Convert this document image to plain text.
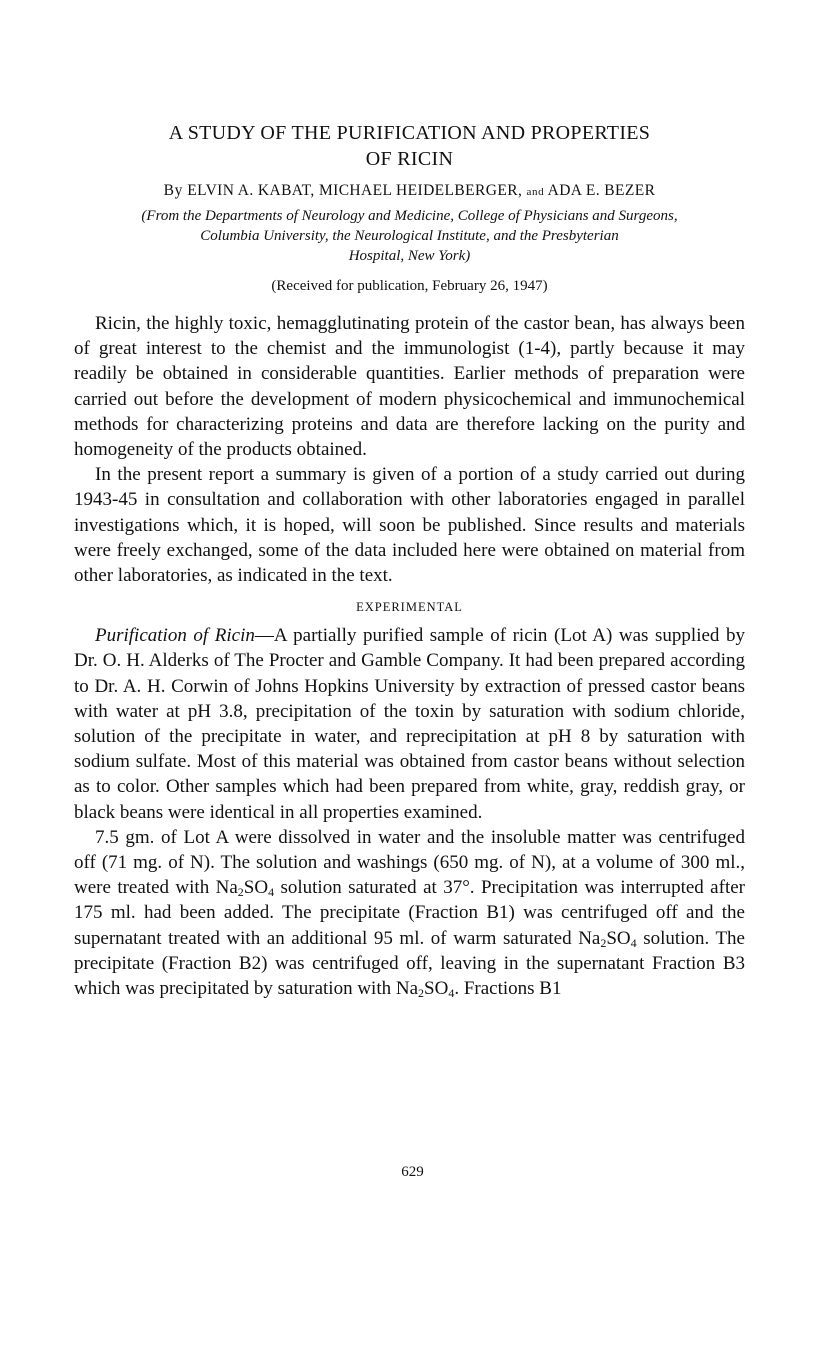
A STUDY OF THE PURIFICATION AND PROPERTIES
OF RICIN
By ELVIN A. KABAT, MICHAEL HEIDELBERGER, and ADA E. BEZER
(From the Departments of Neurology and Medicine, College of Physicians and Surgeons,
Columbia University, the Neurological Institute, and the Presbyterian
Hospital, New York)
(Received for publication, February 26, 1947)

Ricin, the highly toxic, hemagglutinating protein of the castor bean, has always been of great interest to the chemist and the immunologist (1-4), partly because it may readily be obtained in considerable quantities. Earlier methods of preparation were carried out before the development of modern physicochemical and immunochemical methods for characterizing proteins and data are therefore lacking on the purity and homogeneity of the products obtained.

In the present report a summary is given of a portion of a study carried out during 1943-45 in consultation and collaboration with other laboratories engaged in parallel investigations which, it is hoped, will soon be published. Since results and materials were freely exchanged, some of the data included here were obtained on material from other laboratories, as indicated in the text.

EXPERIMENTAL

Purification of Ricin—A partially purified sample of ricin (Lot A) was supplied by Dr. O. H. Alderks of The Procter and Gamble Company. It had been prepared according to Dr. A. H. Corwin of Johns Hopkins University by extraction of pressed castor beans with water at pH 3.8, precipitation of the toxin by saturation with sodium chloride, solution of the precipitate in water, and reprecipitation at pH 8 by saturation with sodium sulfate. Most of this material was obtained from castor beans without selection as to color. Other samples which had been prepared from white, gray, reddish gray, or black beans were identical in all properties examined.

7.5 gm. of Lot A were dissolved in water and the insoluble matter was centrifuged off (71 mg. of N). The solution and washings (650 mg. of N), at a volume of 300 ml., were treated with $Na_2SO_4$ solution saturated at 37°. Precipitation was interrupted after 175 ml. had been added. The precipitate (Fraction B1) was centrifuged off and the supernatant treated with an additional 95 ml. of warm saturated $Na_2SO_4$ solution. The precipitate (Fraction B2) was centrifuged off, leaving in the supernatant Fraction B3 which was precipitated by saturation with $Na_2SO_4$. Fractions B1

629
